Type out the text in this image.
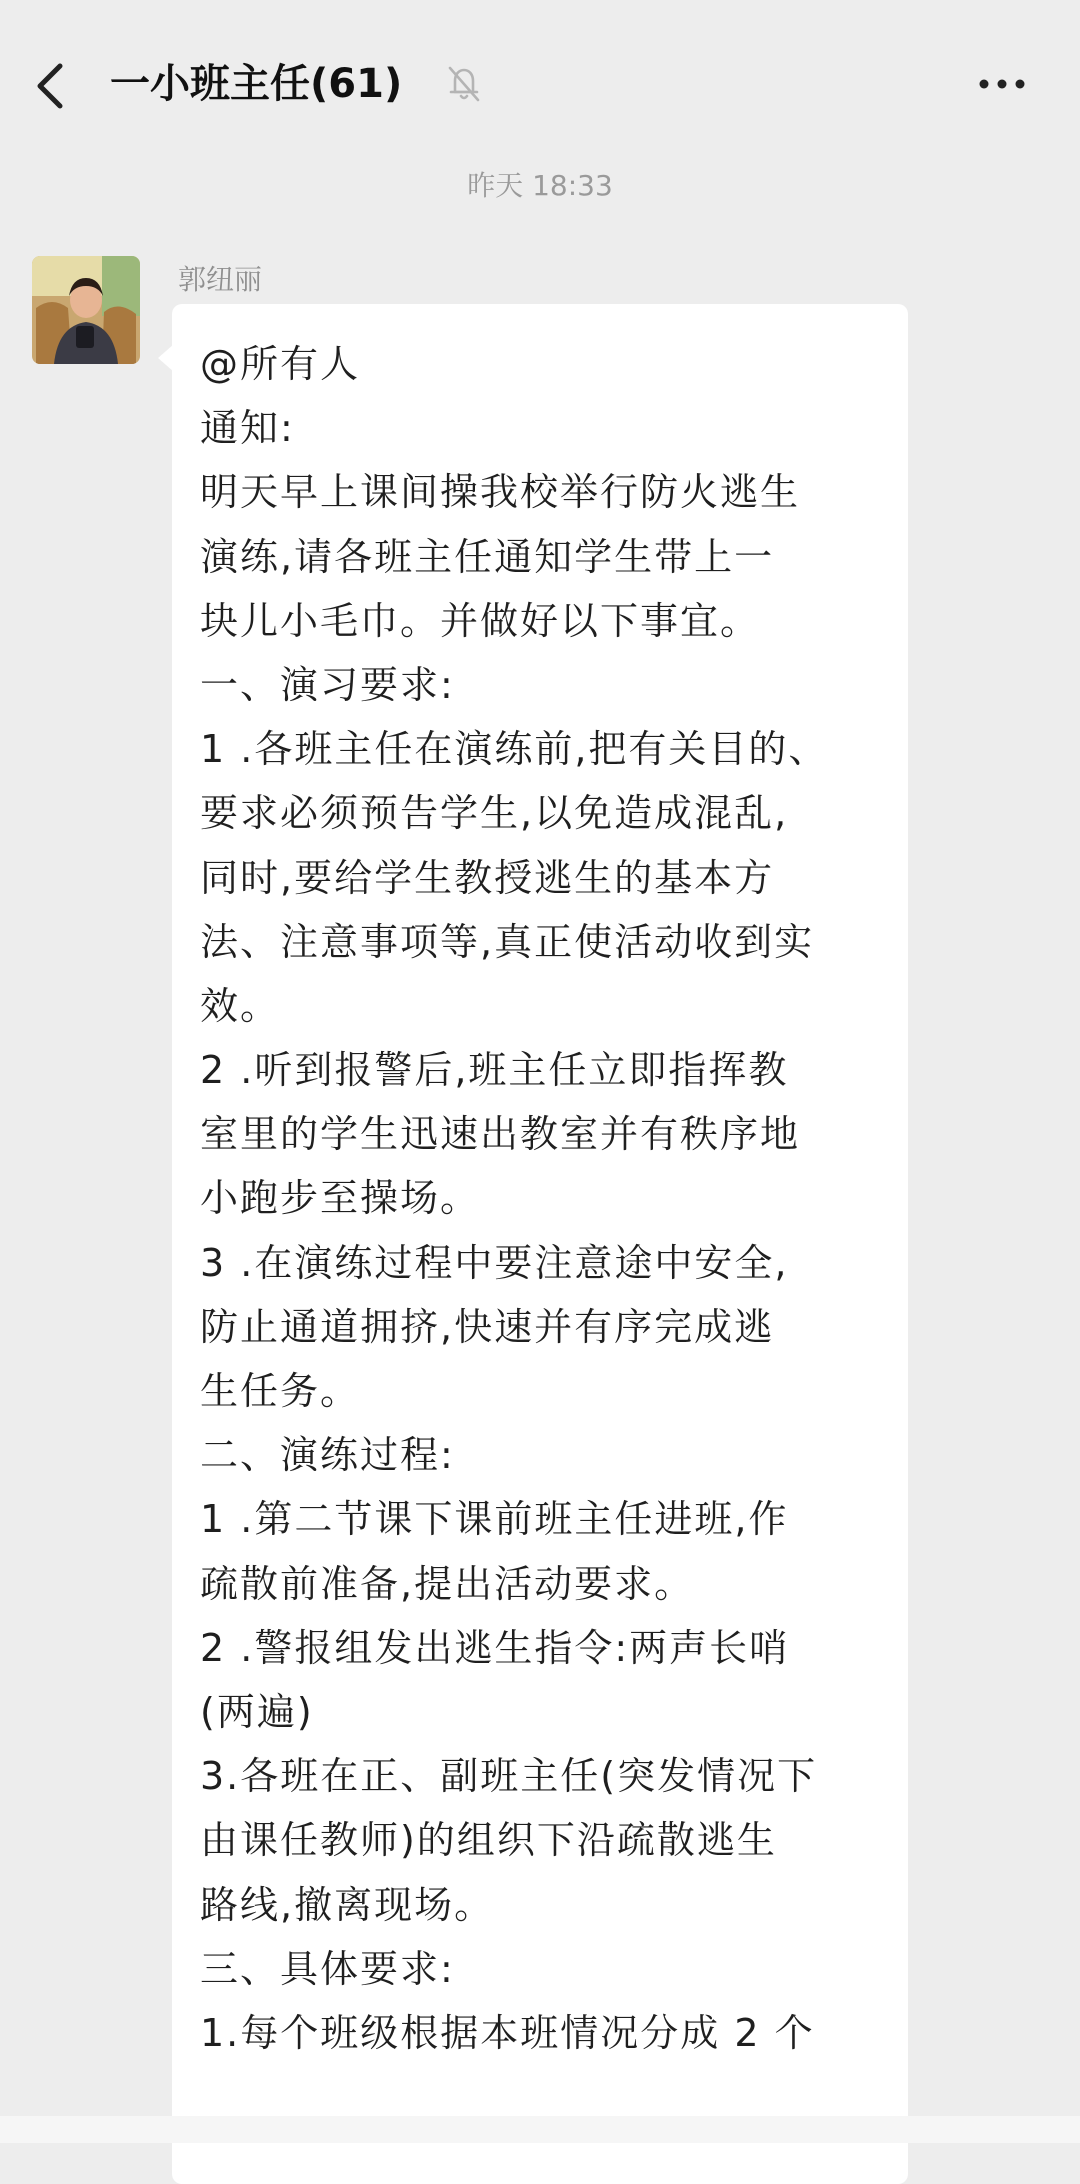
一小班主任(61)
昨天 18:33
郭纽丽
@所有人
通知:
明天早上课间操我校举行防火逃生
演练,请各班主任通知学生带上一
块儿小毛巾。并做好以下事宜。
一、演习要求:
1 .各班主任在演练前,把有关目的、
要求必须预告学生,以免造成混乱,
同时,要给学生教授逃生的基本方
法、注意事项等,真正使活动收到实
效。
2 .听到报警后,班主任立即指挥教
室里的学生迅速出教室并有秩序地
小跑步至操场。
3 .在演练过程中要注意途中安全,
防止通道拥挤,快速并有序完成逃
生任务。
二、演练过程:
1 .第二节课下课前班主任进班,作
疏散前准备,提出活动要求。
2 .警报组发出逃生指令:两声长哨
(两遍)
3.各班在正、副班主任(突发情况下
由课任教师)的组织下沿疏散逃生
路线,撤离现场。
三、具体要求:
1.每个班级根据本班情况分成 2 个
